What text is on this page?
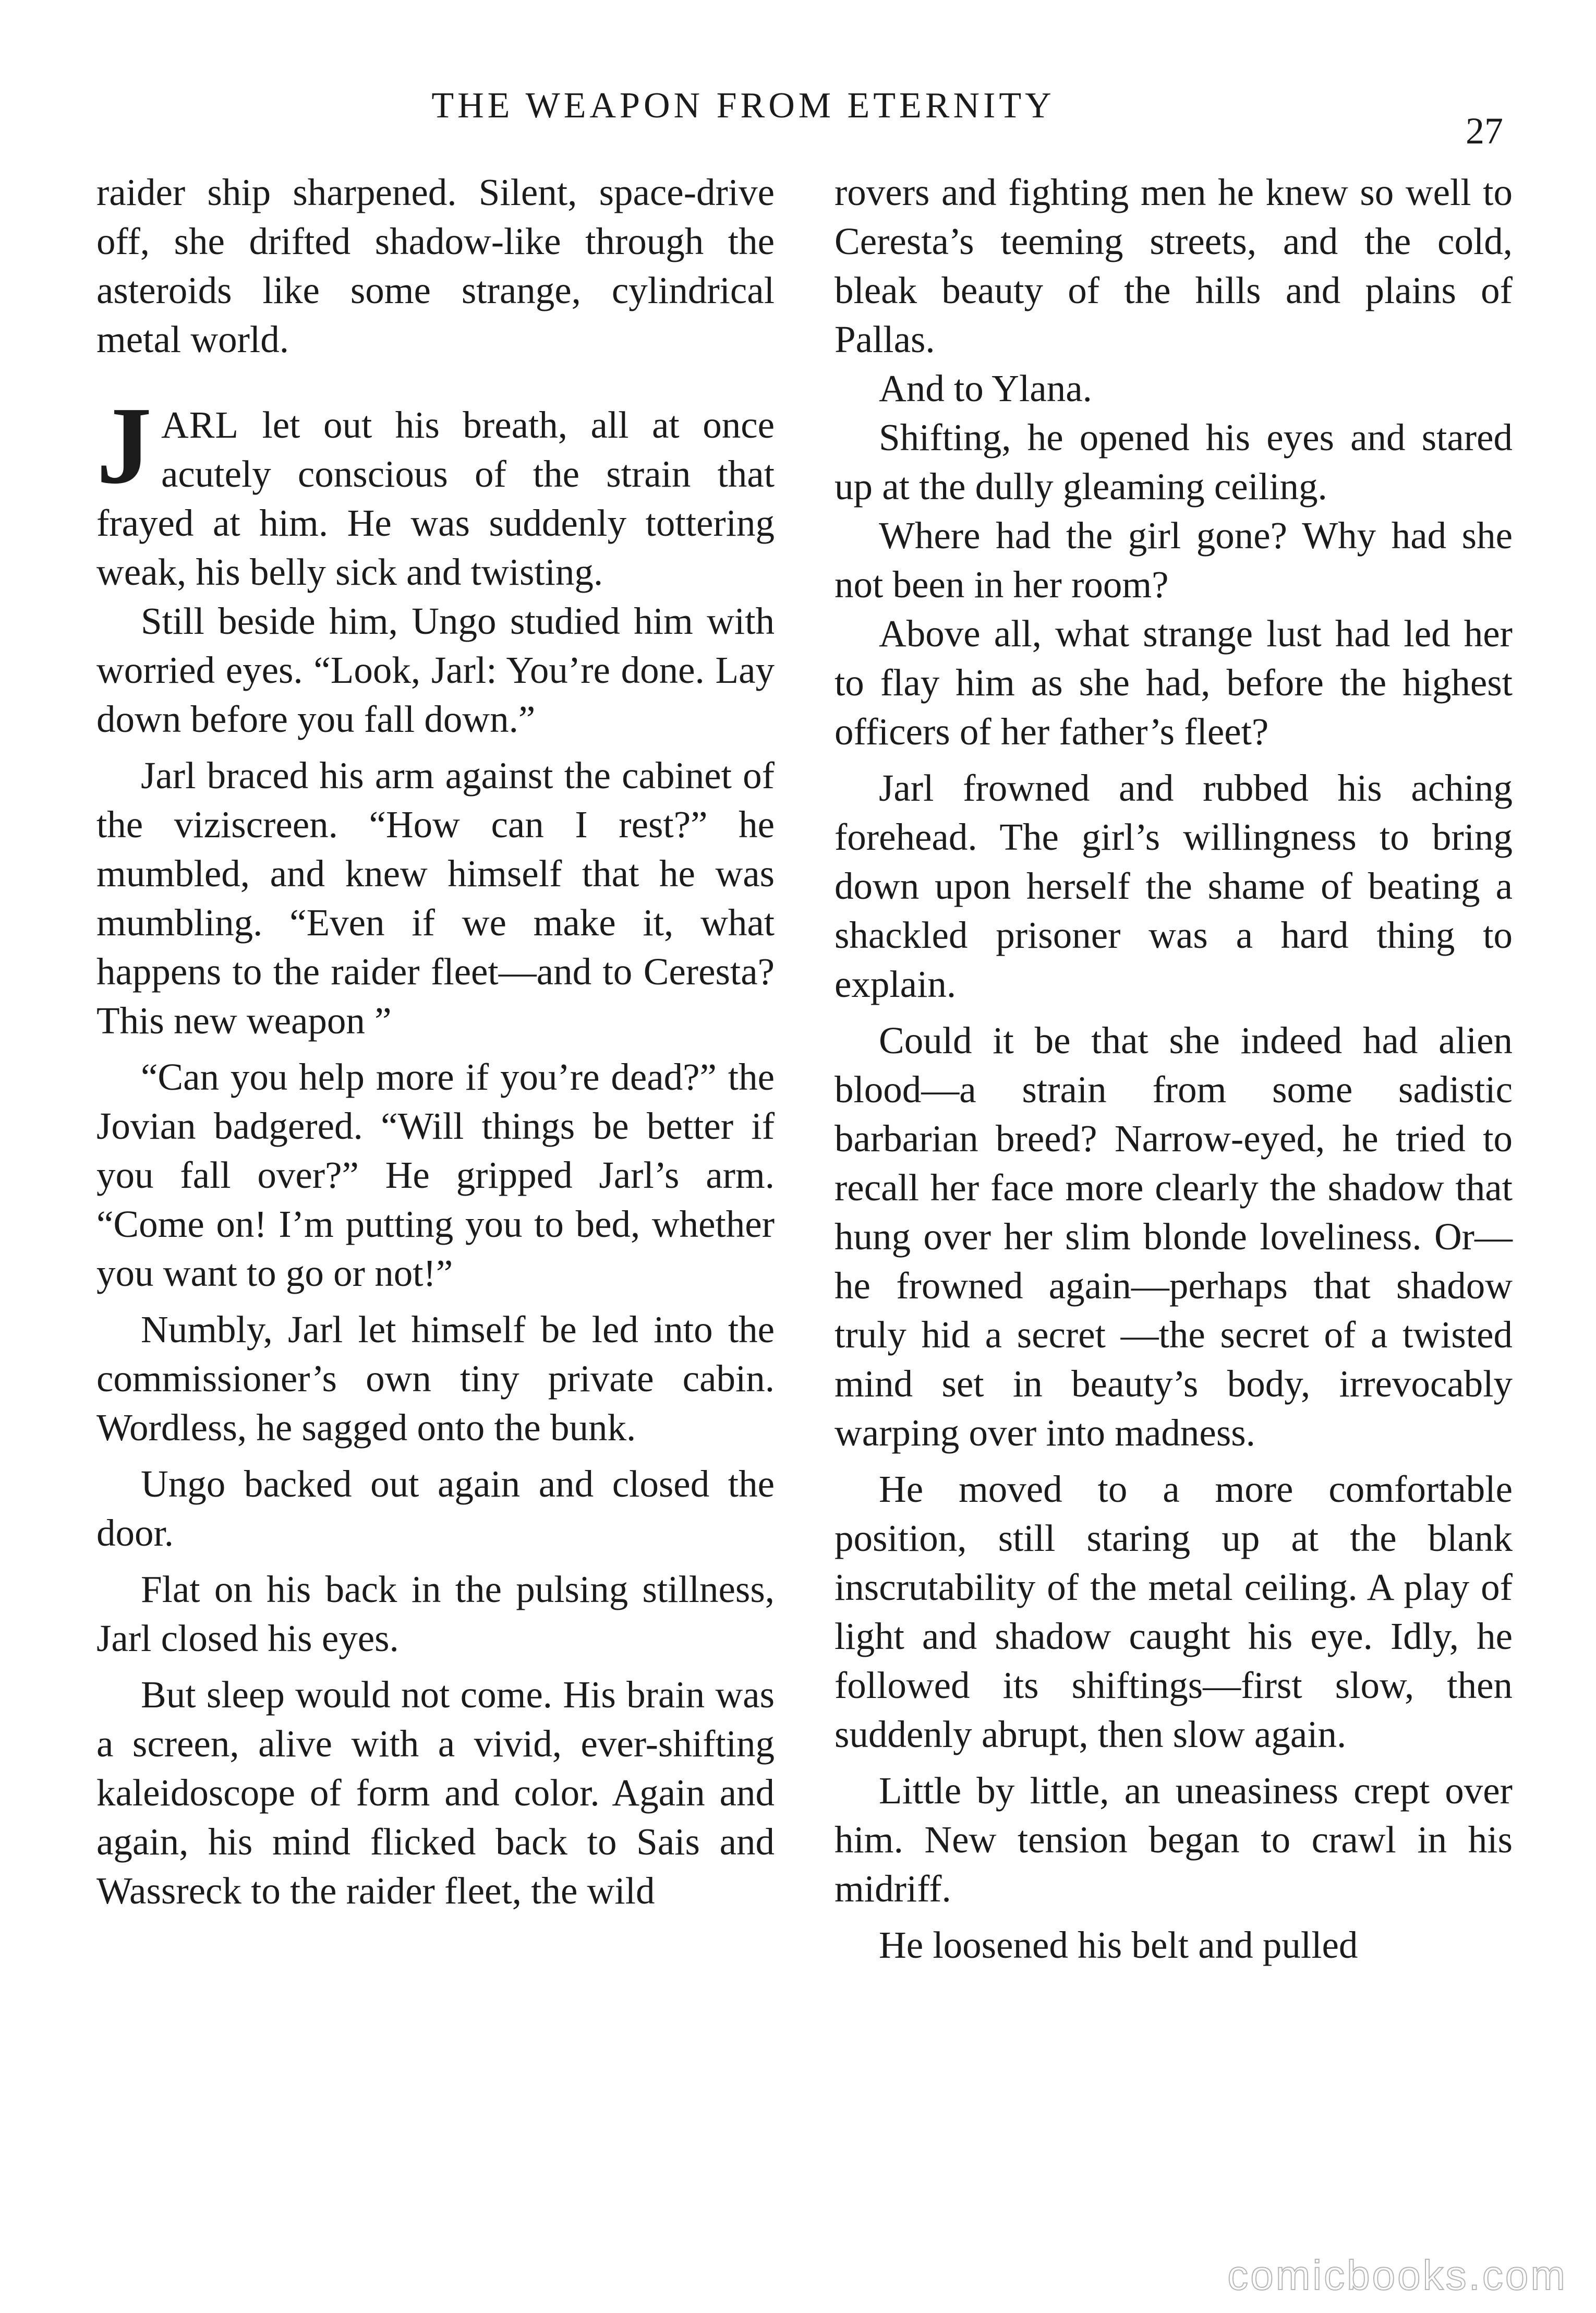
THE WEAPON FROM ETERNITY
27

raider ship sharpened. Silent, space-drive off, she drifted shadow-like through the asteroids like some strange, cylindrical metal world.

JARL let out his breath, all at once acutely conscious of the strain that frayed at him. He was suddenly tottering weak, his belly sick and twisting.

Still beside him, Ungo studied him with worried eyes. “Look, Jarl: You’re done. Lay down before you fall down.”

Jarl braced his arm against the cabinet of the viziscreen. “How can I rest?” he mumbled, and knew himself that he was mumbling. “Even if we make it, what happens to the raider fleet—and to Ceresta? This new weapon ”

“Can you help more if you’re dead?” the Jovian badgered. “Will things be better if you fall over?” He gripped Jarl’s arm. “Come on! I’m putting you to bed, whether you want to go or not!”

Numbly, Jarl let himself be led into the commissioner’s own tiny private cabin. Wordless, he sagged onto the bunk.

Ungo backed out again and closed the door.

Flat on his back in the pulsing stillness, Jarl closed his eyes.

But sleep would not come. His brain was a screen, alive with a vivid, ever-shifting kaleidoscope of form and color. Again and again, his mind flicked back to Sais and Wassreck to the raider fleet, the wild

rovers and fighting men he knew so well to Ceresta’s teeming streets, and the cold, bleak beauty of the hills and plains of Pallas.

And to Ylana.

Shifting, he opened his eyes and stared up at the dully gleaming ceiling.

Where had the girl gone? Why had she not been in her room?

Above all, what strange lust had led her to flay him as she had, before the highest officers of her father’s fleet?

Jarl frowned and rubbed his aching forehead. The girl’s willingness to bring down upon herself the shame of beating a shackled prisoner was a hard thing to explain.

Could it be that she indeed had alien blood—a strain from some sadistic barbarian breed? Narrow-eyed, he tried to recall her face more clearly the shadow that hung over her slim blonde loveliness. Or—he frowned again—perhaps that shadow truly hid a secret —the secret of a twisted mind set in beauty’s body, irrevocably warping over into madness.

He moved to a more comfortable position, still staring up at the blank inscrutability of the metal ceiling. A play of light and shadow caught his eye. Idly, he followed its shiftings—first slow, then suddenly abrupt, then slow again.

Little by little, an uneasiness crept over him. New tension began to crawl in his midriff.

He loosened his belt and pulled

comicbooks.com
